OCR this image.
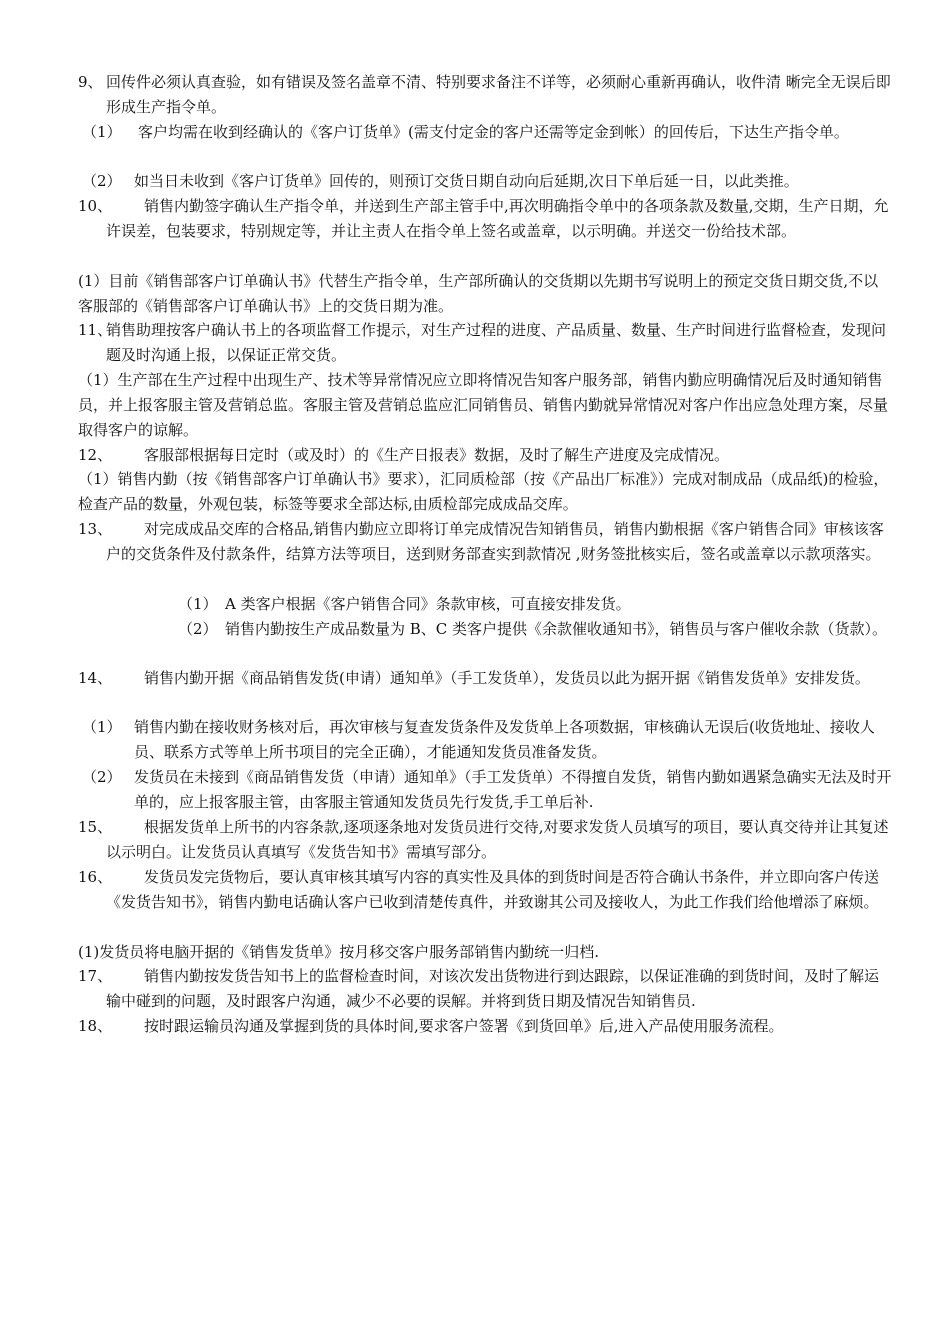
9、 回传件必须认真查验，如有错误及签名盖章不清、特别要求备注不详等，必须耐心重新再确认，收件清 晰完全无误后即形成生产指令单。
（1）	客户均需在收到经确认的《客户订货单》(需支付定金的客户还需等定金到帐）的回传后，下达生产指令单。
（2） 如当日未收到《客户订货单》回传的，则预订交货日期自动向后延期,次日下单后延一日，以此类推。
10、	销售内勤签字确认生产指令单，并送到生产部主管手中,再次明确指令单中的各项条款及数量,交期，生产日期，允许误差，包装要求，特别规定等，并让主责人在指令单上签名或盖章，以示明确。并送交一份给技术部。
(1）目前《销售部客户订单确认书》代替生产指令单，生产部所确认的交货期以先期书写说明上的预定交货日期交货,不以客服部的《销售部客户订单确认书》上的交货日期为准。
11、
销售助理按客户确认书上的各项监督工作提示，对生产过程的进度、产品质量、数量、生产时间进行监督检查，发现问题及时沟通上报，以保证正常交货。
（1）生产部在生产过程中出现生产、技术等异常情况应立即将情况告知客户服务部，销售内勤应明确情况后及时通知销售员，并上报客服主管及营销总监。客服主管及营销总监应汇同销售员、销售内勤就异常情况对客户作出应急处理方案，尽量取得客户的谅解。
12、	客服部根据每日定时（或及时）的《生产日报表》数据，及时了解生产进度及完成情况。
（1）销售内勤（按《销售部客户订单确认书》要求），汇同质检部（按《产品出厂标准》）完成对制成品（成品纸)的检验，检查产品的数量，外观包装，标签等要求全部达标,由质检部完成成品交库。
13、	对完成成品交库的合格品,销售内勤应立即将订单完成情况告知销售员，销售内勤根据《客户销售合同》审核该客户的交货条件及付款条件，结算方法等项目，送到财务部查实到款情况 ,财务签批核实后，签名或盖章以示款项落实。
（1） A 类客户根据《客户销售合同》条款审核，可直接安排发货。
（2） 销售内勤按生产成品数量为 B、C 类客户提供《余款催收通知书》，销售员与客户催收余款（货款）。
14、	销售内勤开据《商品销售发货(申请）通知单》（手工发货单），发货员以此为据开据《销售发货单》安排发货。
（1） 销售内勤在接收财务核对后，再次审核与复查发货条件及发货单上各项数据，审核确认无误后(收货地址、接收人员、联系方式等单上所书项目的完全正确），才能通知发货员准备发货。
（2） 发货员在未接到《商品销售发货（申请）通知单》（手工发货单）不得擅自发货，销售内勤如遇紧急确实无法及时开单的，应上报客服主管，由客服主管通知发货员先行发货,手工单后补.
15、	根据发货单上所书的内容条款,逐项逐条地对发货员进行交待,对要求发货人员填写的项目，要认真交待并让其复述以示明白。让发货员认真填写《发货告知书》需填写部分。
16、	发货员发完货物后，要认真审核其填写内容的真实性及具体的到货时间是否符合确认书条件，并立即向客户传送《发货告知书》，销售内勤电话确认客户已收到清楚传真件，并致谢其公司及接收人，为此工作我们给他增添了麻烦。
(1)发货员将电脑开据的《销售发货单》按月移交客户服务部销售内勤统一归档.
17、	销售内勤按发货告知书上的监督检查时间，对该次发出货物进行到达跟踪，以保证准确的到货时间，及时了解运输中碰到的问题，及时跟客户沟通，减少不必要的误解。并将到货日期及情况告知销售员.
18、	按时跟运输员沟通及掌握到货的具体时间,要求客户签署《到货回单》后,进入产品使用服务流程。
